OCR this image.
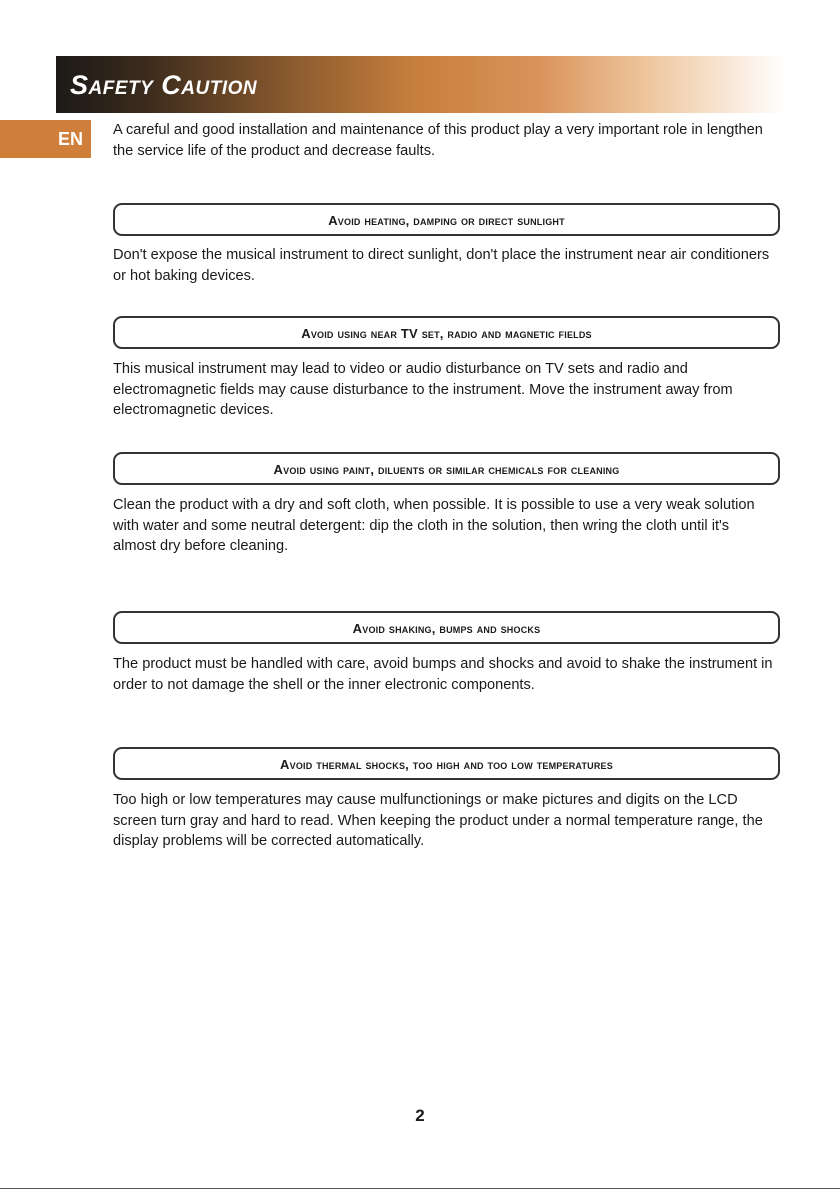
Safety Caution
EN	A careful and good installation and maintenance of this product play a very important role in lengthen the service life of the product and decrease faults.

Avoid heating, damping or direct sunlight

Don't expose the musical instrument to direct sunlight, don't place the instrument near air conditioners or hot baking devices.

Avoid using near TV set, radio and magnetic fields

This musical instrument may lead to video or audio disturbance on TV sets and radio and electromagnetic fields may cause disturbance to the instrument. Move the instrument away from electromagnetic devices.

Avoid using paint, diluents or similar chemicals for cleaning

Clean the product with a dry and soft cloth, when possible. It is possible to use a very weak solution with water and some neutral detergent: dip the cloth in the solution, then wring the cloth until it's almost dry before cleaning.

Avoid shaking, bumps and shocks

The product must be handled with care, avoid bumps and shocks and avoid to shake the instrument in order to not damage the shell or the inner electronic components.

Avoid thermal shocks, too high and too low temperatures

Too high or low temperatures may cause mulfunctionings or make pictures and digits on the LCD screen turn gray and hard to read. When keeping the product under a normal temperature range, the display problems will be corrected automatically.

2
